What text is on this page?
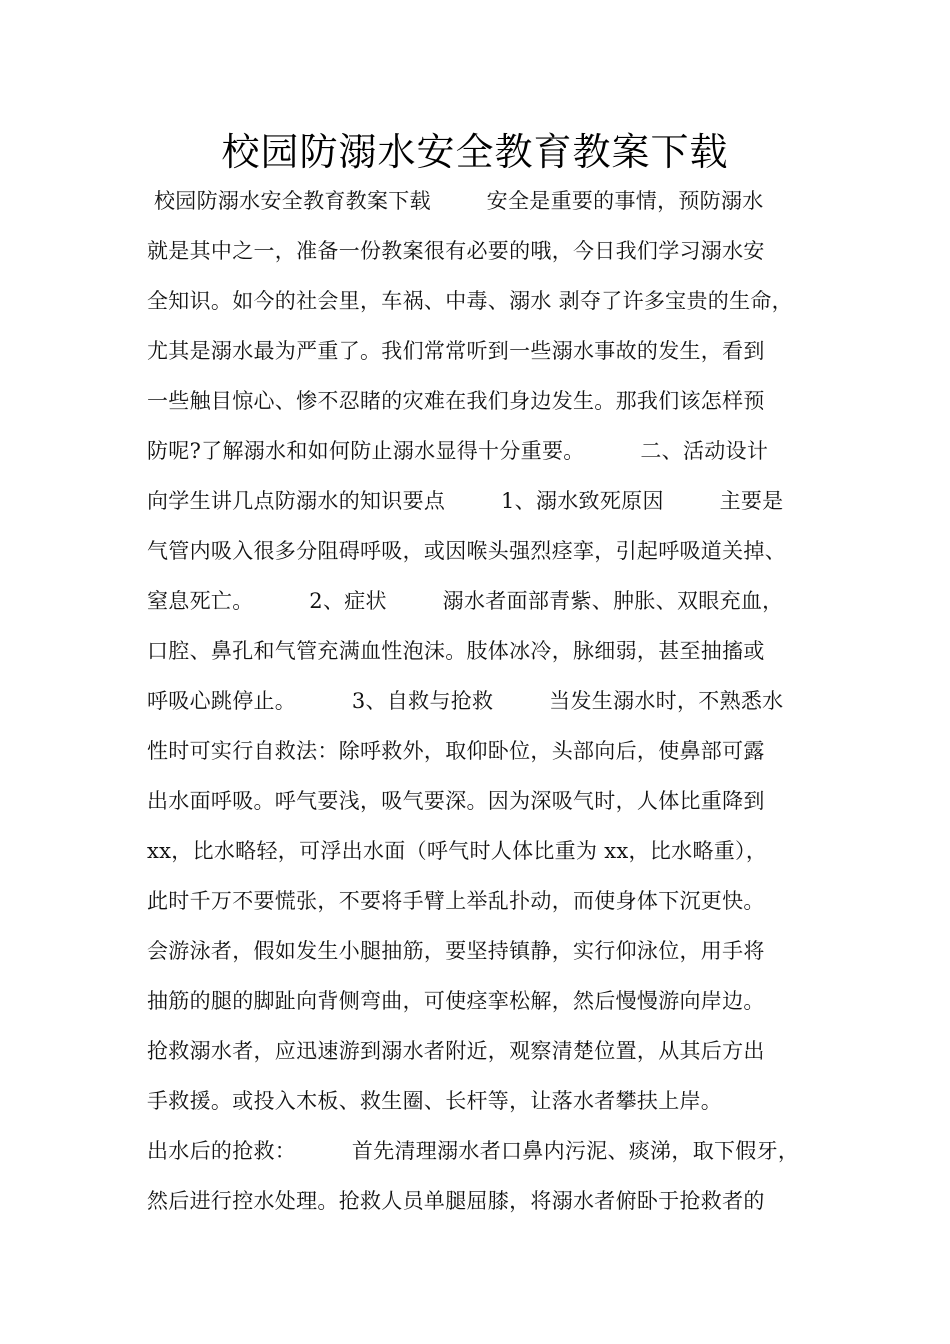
校园防溺水安全教育教案下载
校园防溺水安全教育教案下载        安全是重要的事情，预防溺水
就是其中之一，准备一份教案很有必要的哦，今日我们学习溺水安
全知识。如今的社会里，车祸、中毒、溺水 剥夺了许多宝贵的生命，
尤其是溺水最为严重了。我们常常听到一些溺水事故的发生，看到
一些触目惊心、惨不忍睹的灾难在我们身边发生。那我们该怎样预
防呢?了解溺水和如何防止溺水显得十分重要。        二、活动设计
向学生讲几点防溺水的知识要点        1、溺水致死原因        主要是
气管内吸入很多分阻碍呼吸，或因喉头强烈痉挛，引起呼吸道关掉、
窒息死亡。        2、症状        溺水者面部青紫、肿胀、双眼充血，
口腔、鼻孔和气管充满血性泡沫。肢体冰冷，脉细弱，甚至抽搐或
呼吸心跳停止。        3、自救与抢救        当发生溺水时，不熟悉水
性时可实行自救法：除呼救外，取仰卧位，头部向后，使鼻部可露
出水面呼吸。呼气要浅，吸气要深。因为深吸气时，人体比重降到
xx，比水略轻，可浮出水面（呼气时人体比重为 xx，比水略重），
此时千万不要慌张，不要将手臂上举乱扑动，而使身体下沉更快。
会游泳者，假如发生小腿抽筋，要坚持镇静，实行仰泳位，用手将
抽筋的腿的脚趾向背侧弯曲，可使痉挛松解，然后慢慢游向岸边。
抢救溺水者，应迅速游到溺水者附近，观察清楚位置，从其后方出
手救援。或投入木板、救生圈、长杆等，让落水者攀扶上岸。
出水后的抢救：        首先清理溺水者口鼻内污泥、痰涕，取下假牙，
然后进行控水处理。抢救人员单腿屈膝，将溺水者俯卧于抢救者的
